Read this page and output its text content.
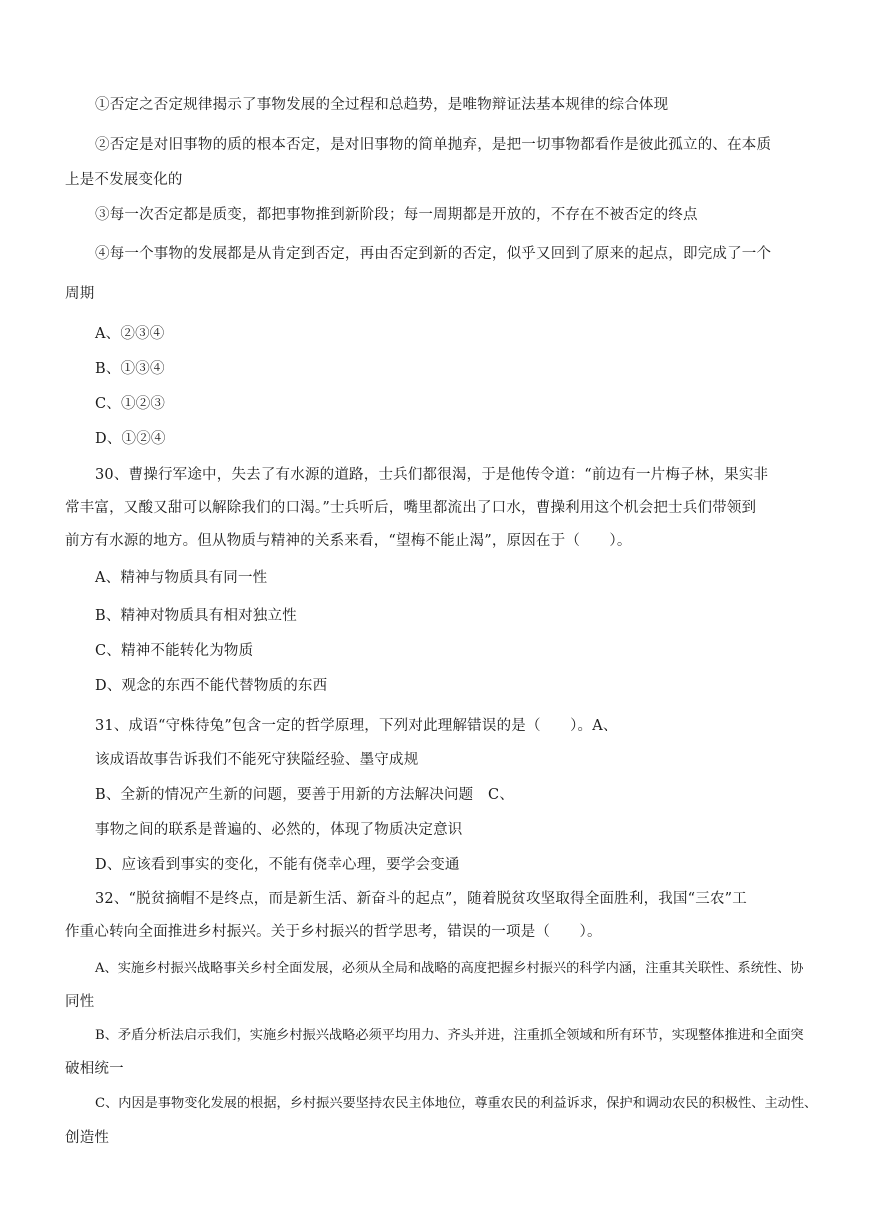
①否定之否定规律揭示了事物发展的全过程和总趋势，是唯物辩证法基本规律的综合体现
②否定是对旧事物的质的根本否定，是对旧事物的简单抛弃，是把一切事物都看作是彼此孤立的、在本质
上是不发展变化的
③每一次否定都是质变，都把事物推到新阶段；每一周期都是开放的，不存在不被否定的终点
④每一个事物的发展都是从肯定到否定，再由否定到新的否定，似乎又回到了原来的起点，即完成了一个
周期
A、②③④
B、①③④
C、①②③
D、①②④
30、曹操行军途中，失去了有水源的道路，士兵们都很渴，于是他传令道：“前边有一片梅子林，果实非
常丰富，又酸又甜可以解除我们的口渴。”士兵听后，嘴里都流出了口水，曹操利用这个机会把士兵们带领到
前方有水源的地方。但从物质与精神的关系来看，“望梅不能止渴”，原因在于（　　）。
A、精神与物质具有同一性
B、精神对物质具有相对独立性
C、精神不能转化为物质
D、观念的东西不能代替物质的东西
31、成语“守株待兔”包含一定的哲学原理，下列对此理解错误的是（　　）。A、
该成语故事告诉我们不能死守狭隘经验、墨守成规
B、全新的情况产生新的问题，要善于用新的方法解决问题　C、
事物之间的联系是普遍的、必然的，体现了物质决定意识
D、应该看到事实的变化，不能有侥幸心理，要学会变通
32、“脱贫摘帽不是终点，而是新生活、新奋斗的起点”，随着脱贫攻坚取得全面胜利，我国“三农”工
作重心转向全面推进乡村振兴。关于乡村振兴的哲学思考，错误的一项是（　　）。
A、实施乡村振兴战略事关乡村全面发展，必须从全局和战略的高度把握乡村振兴的科学内涵，注重其关联性、系统性、协
同性
B、矛盾分析法启示我们，实施乡村振兴战略必须平均用力、齐头并进，注重抓全领域和所有环节，实现整体推进和全面突
破相统一
C、内因是事物变化发展的根据，乡村振兴要坚持农民主体地位，尊重农民的利益诉求，保护和调动农民的积极性、主动性、
创造性
